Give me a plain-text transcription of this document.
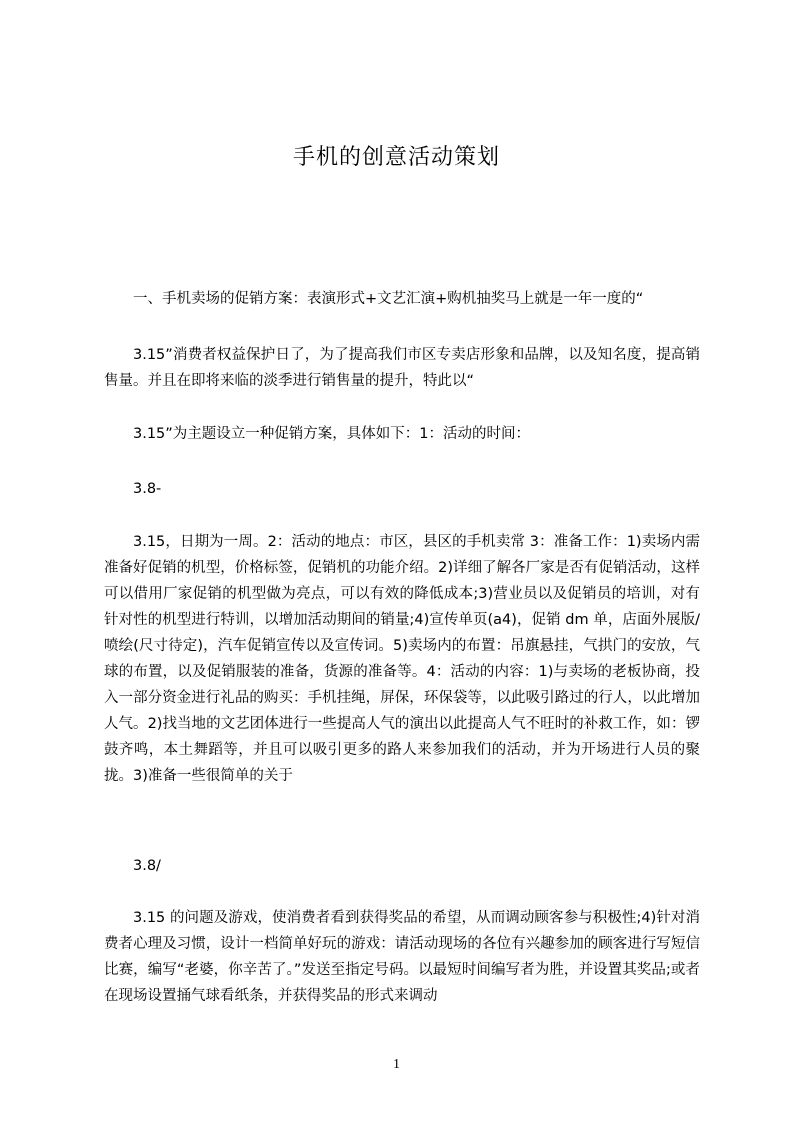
手机的创意活动策划
一、手机卖场的促销方案：表演形式+文艺汇演+购机抽奖马上就是一年一度的“
3.15”消费者权益保护日了，为了提高我们市区专卖店形象和品牌，以及知名度，提高销售量。并且在即将来临的淡季进行销售量的提升，特此以“
3.15”为主题设立一种促销方案，具体如下：1：活动的时间：
3.8-
3.15，日期为一周。2：活动的地点：市区，县区的手机卖常 3：准备工作：1)卖场内需准备好促销的机型，价格标签，促销机的功能介绍。2)详细了解各厂家是否有促销活动，这样可以借用厂家促销的机型做为亮点，可以有效的降低成本;3)营业员以及促销员的培训，对有针对性的机型进行特训，以增加活动期间的销量;4)宣传单页(a4)，促销 dm 单，店面外展版/喷绘(尺寸待定)，汽车促销宣传以及宣传词。5)卖场内的布置：吊旗悬挂，气拱门的安放，气球的布置，以及促销服装的准备，货源的准备等。4：活动的内容：1)与卖场的老板协商，投入一部分资金进行礼品的购买：手机挂绳，屏保，环保袋等，以此吸引路过的行人，以此增加人气。2)找当地的文艺团体进行一些提高人气的演出以此提高人气不旺时的补救工作，如：锣鼓齐鸣，本土舞蹈等，并且可以吸引更多的路人来参加我们的活动，并为开场进行人员的聚拢。3)准备一些很简单的关于
3.8/
3.15 的问题及游戏，使消费者看到获得奖品的希望，从而调动顾客参与积极性;4)针对消费者心理及习惯，设计一档简单好玩的游戏：请活动现场的各位有兴趣参加的顾客进行写短信比赛，编写“老婆，你辛苦了。”发送至指定号码。以最短时间编写者为胜，并设置其奖品;或者在现场设置捅气球看纸条，并获得奖品的形式来调动
1
